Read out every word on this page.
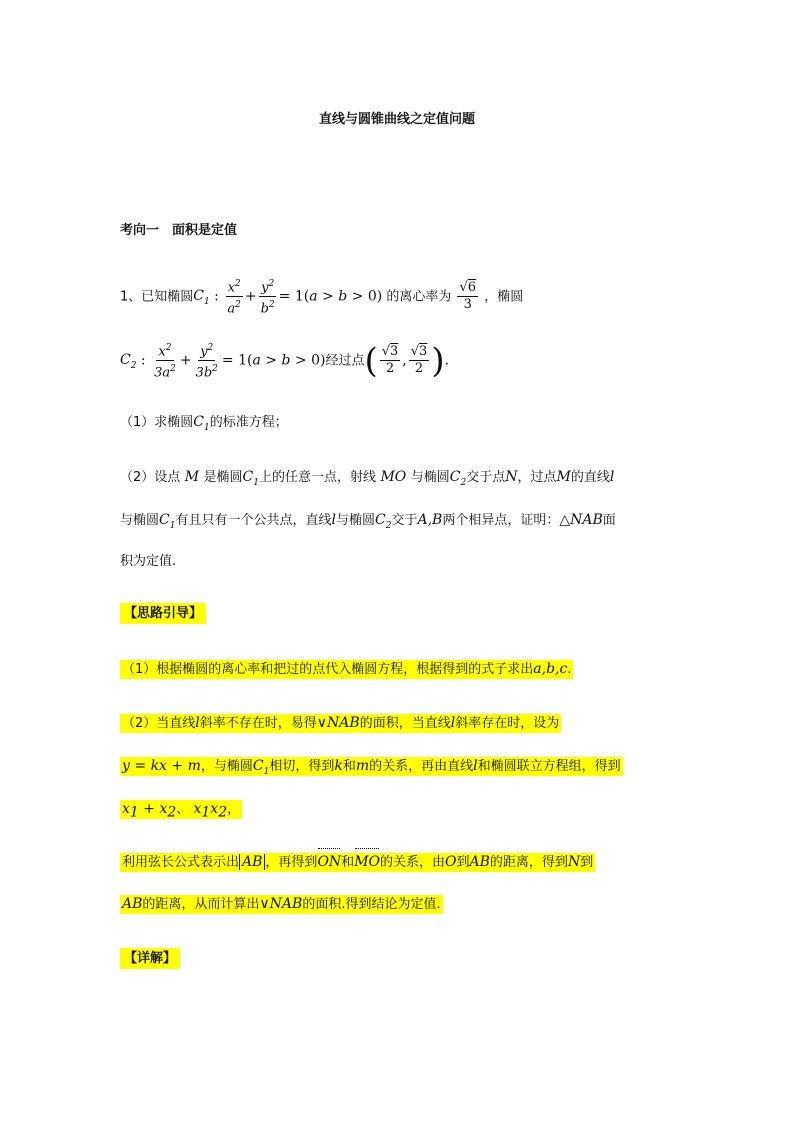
直线与圆锥曲线之定值问题
考向一　面积是定值
1、已知椭圆$C_1$ : $\frac{x^2}{a^2} + \frac{y^2}{b^2} = 1(a > b > 0)$ 的离心率为 $\frac{√6}{3}$ ，椭圆
$C_2$ : $\frac{x^2}{3a^2} + \frac{y^2}{3b^2} = 1(a > b > 0)$经过点( $\frac{√3}{2}$ , $\frac{√3}{2}$ ).
（1）求椭圆$C_1$的标准方程；
（2）设点 M 是椭圆$C_1$上的任意一点，射线 MO 与椭圆$C_2$交于点N，过点M的直线l
与椭圆$C_1$有且只有一个公共点，直线l与椭圆$C_2$交于A,B两个相异点，证明：△NAB面
积为定值.
【思路引导】
（1）根据椭圆的离心率和把过的点代入椭圆方程，根据得到的式子求出a,b,c.
（2）当直线l斜率不存在时，易得∨NAB的面积，当直线l斜率存在时，设为
y = kx + m，与椭圆$C_1$相切，得到k和m的关系，再由直线l和椭圆联立方程组，得到
$x_1 + x_2$、 $x_1x_2$，
利用弦长公式表示出 AB ，再得到ON和MO的关系，由O到AB的距离，得到N到
AB的距离，从而计算出∨NAB的面积.得到结论为定值.
【详解】
